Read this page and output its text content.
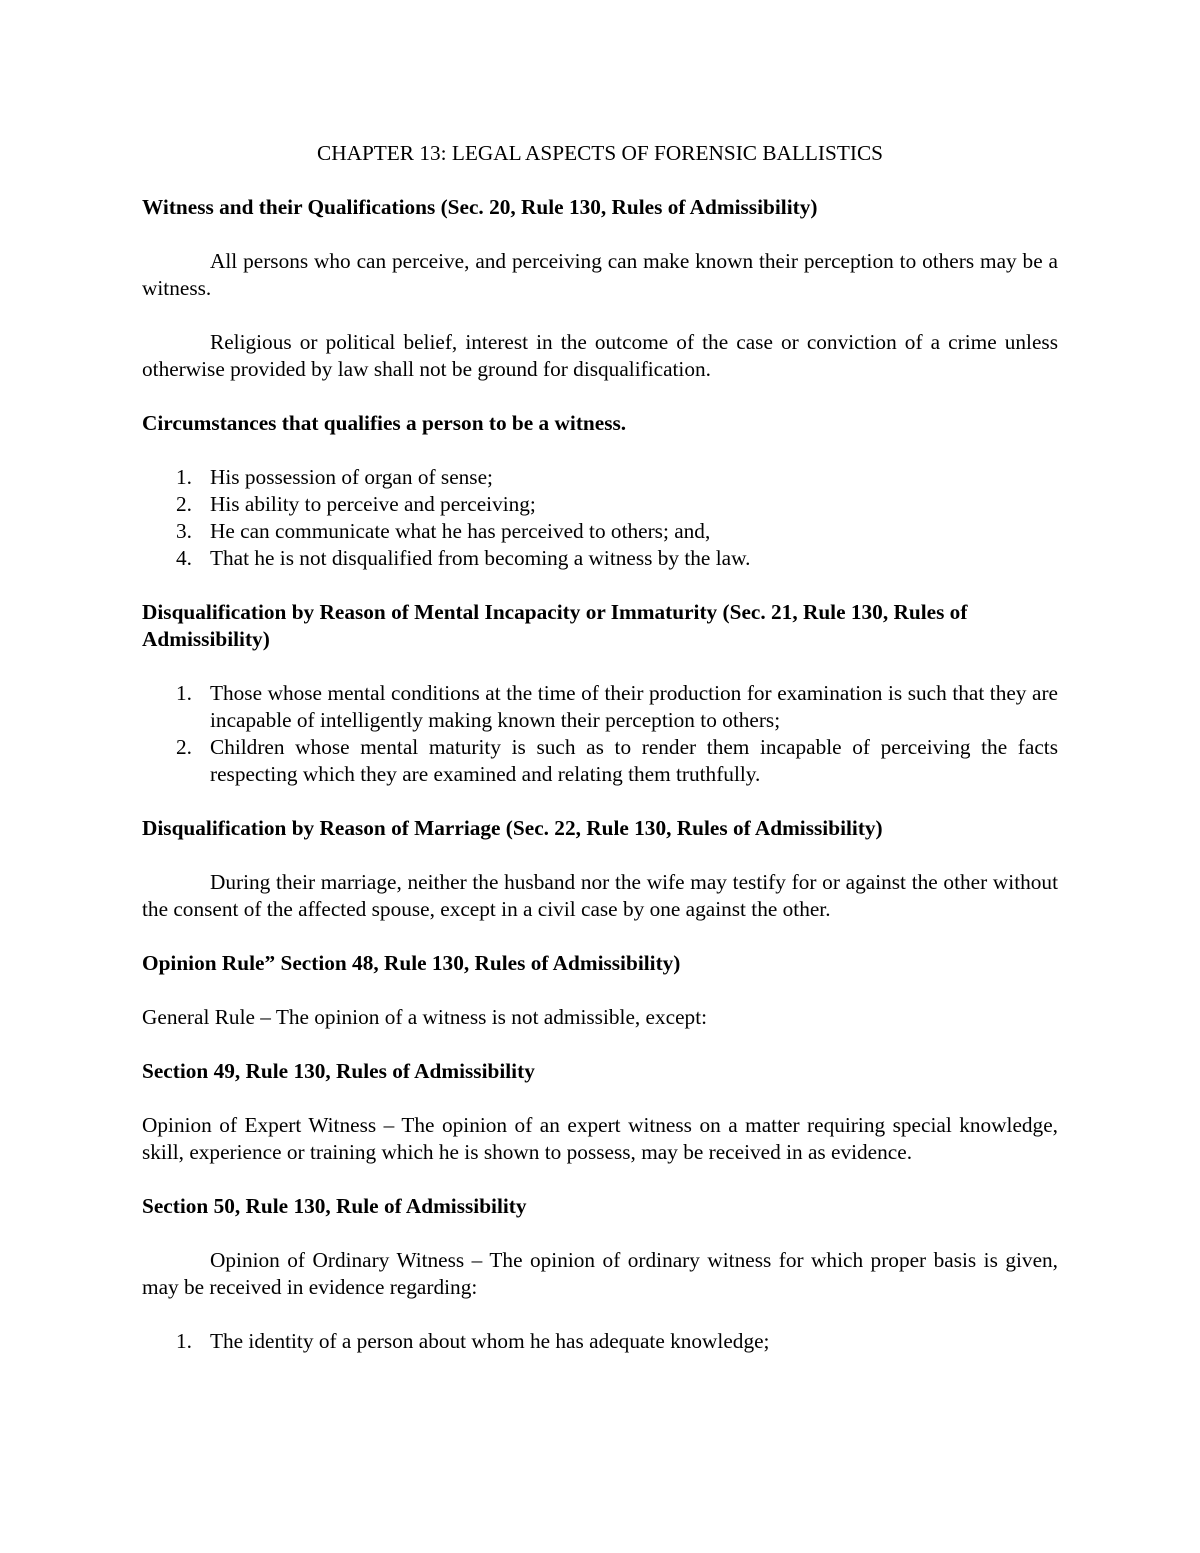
CHAPTER 13: LEGAL ASPECTS OF FORENSIC BALLISTICS
Witness and their Qualifications (Sec. 20, Rule 130, Rules of Admissibility)

All persons who can perceive, and perceiving can make known their perception to others may be a witness.

Religious or political belief, interest in the outcome of the case or conviction of a crime unless otherwise provided by law shall not be ground for disqualification.

Circumstances that qualifies a person to be a witness.
1. His possession of organ of sense;
2. His ability to perceive and perceiving;
3. He can communicate what he has perceived to others; and,
4. That he is not disqualified from becoming a witness by the law.
Disqualification by Reason of Mental Incapacity or Immaturity (Sec. 21, Rule 130, Rules of Admissibility)
1. Those whose mental conditions at the time of their production for examination is such that they are incapable of intelligently making known their perception to others;
2. Children whose mental maturity is such as to render them incapable of perceiving the facts respecting which they are examined and relating them truthfully.
Disqualification by Reason of Marriage (Sec. 22, Rule 130, Rules of Admissibility)

During their marriage, neither the husband nor the wife may testify for or against the other without the consent of the affected spouse, except in a civil case by one against the other.

Opinion Rule” Section 48, Rule 130, Rules of Admissibility)

General Rule – The opinion of a witness is not admissible, except:

Section 49, Rule 130, Rules of Admissibility

Opinion of Expert Witness – The opinion of an expert witness on a matter requiring special knowledge, skill, experience or training which he is shown to possess, may be received in as evidence.

Section 50, Rule 130, Rule of Admissibility

Opinion of Ordinary Witness – The opinion of ordinary witness for which proper basis is given, may be received in evidence regarding:

1. The identity of a person about whom he has adequate knowledge;
